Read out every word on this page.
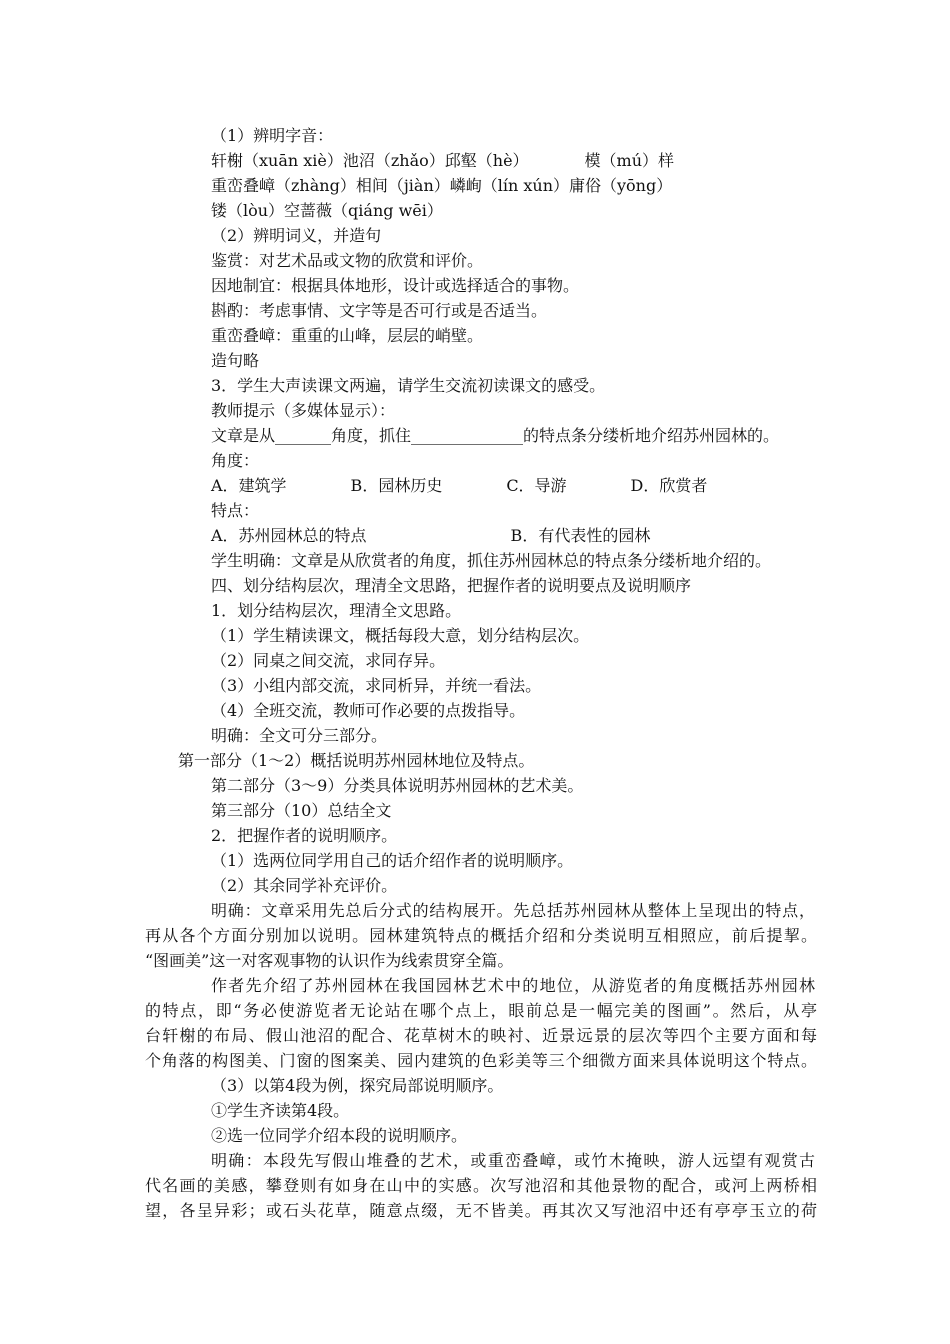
（1）辨明字音：

轩榭（xuān xiè）池沼（zhǎo）邱壑（hè）　　　　模（mú）样

重峦叠嶂（zhàng）相间（jiàn）嶙峋（lín xún）庸俗（yōng）

镂（lòu）空蔷薇（qiáng wēi）

（2）辨明词义，并造句

鉴赏：对艺术品或文物的欣赏和评价。

因地制宜：根据具体地形，设计或选择适合的事物。

斟酌：考虑事情、文字等是否可行或是否适当。

重峦叠嶂：重重的山峰，层层的峭壁。

造句略

3．学生大声读课文两遍，请学生交流初读课文的感受。

教师提示（多媒体显示）：

文章是从_______角度，抓住______________的特点条分缕析地介绍苏州园林的。

角度：

A．建筑学　　　　B．园林历史　　　　C．导游　　　　D．欣赏者

特点：

A．苏州园林总的特点　　　　　　　　　B．有代表性的园林

学生明确：文章是从欣赏者的角度，抓住苏州园林总的特点条分缕析地介绍的。

四、划分结构层次，理清全文思路，把握作者的说明要点及说明顺序

1．划分结构层次，理清全文思路。

（1）学生精读课文，概括每段大意，划分结构层次。

（2）同桌之间交流，求同存异。

（3）小组内部交流，求同析异，并统一看法。

（4）全班交流，教师可作必要的点拨指导。

明确：全文可分三部分。

第一部分（1～2）概括说明苏州园林地位及特点。

第二部分（3～9）分类具体说明苏州园林的艺术美。

第三部分（10）总结全文

2．把握作者的说明顺序。

（1）选两位同学用自己的话介绍作者的说明顺序。

（2）其余同学补充评价。

明确：文章采用先总后分式的结构展开。先总括苏州园林从整体上呈现出的特点，

再从各个方面分别加以说明。园林建筑特点的概括介绍和分类说明互相照应，前后提挈。

“图画美”这一对客观事物的认识作为线索贯穿全篇。

作者先介绍了苏州园林在我国园林艺术中的地位，从游览者的角度概括苏州园林

的特点，即“务必使游览者无论站在哪个点上，眼前总是一幅完美的图画”。然后，从亭

台轩榭的布局、假山池沼的配合、花草树木的映衬、近景远景的层次等四个主要方面和每

个角落的构图美、门窗的图案美、园内建筑的色彩美等三个细微方面来具体说明这个特点。

（3）以第4段为例，探究局部说明顺序。

①学生齐读第4段。

②选一位同学介绍本段的说明顺序。

明确：本段先写假山堆叠的艺术，或重峦叠嶂，或竹木掩映，游人远望有观赏古

代名画的美感，攀登则有如身在山中的实感。次写池沼和其他景物的配合，或河上两桥相

望，各呈异彩；或石头花草，随意点缀，无不皆美。再其次又写池沼中还有亭亭玉立的荷
